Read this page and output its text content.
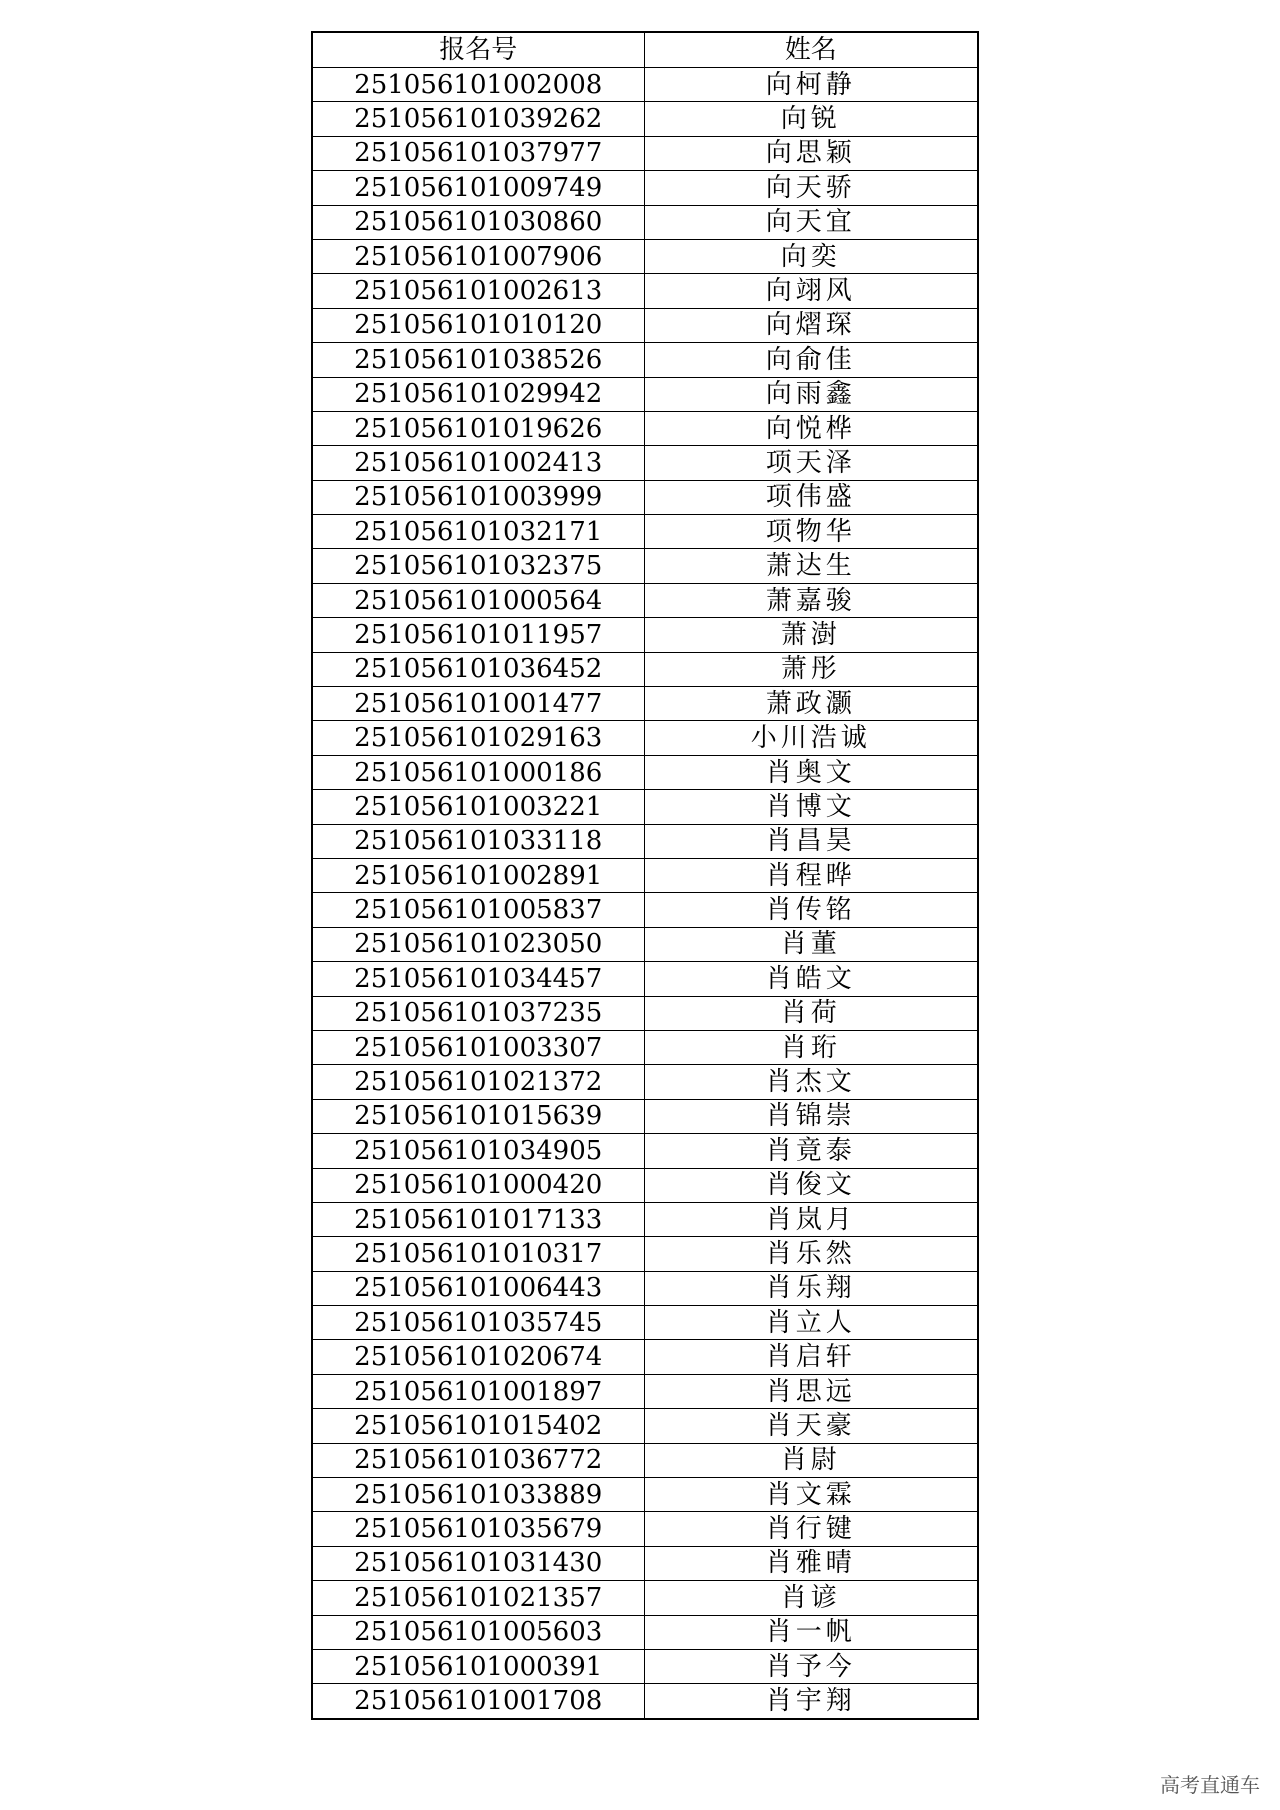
报名号	姓名
251056101002008	向柯静
251056101039262	向锐
251056101037977	向思颖
251056101009749	向天骄
251056101030860	向天宜
251056101007906	向奕
251056101002613	向翊风
251056101010120	向熠琛
251056101038526	向俞佳
251056101029942	向雨鑫
251056101019626	向悦桦
251056101002413	项天泽
251056101003999	项伟盛
251056101032171	项物华
251056101032375	萧达生
251056101000564	萧嘉骏
251056101011957	萧澍
251056101036452	萧彤
251056101001477	萧政灏
251056101029163	小川浩诚
251056101000186	肖奥文
251056101003221	肖博文
251056101033118	肖昌昊
251056101002891	肖程晔
251056101005837	肖传铭
251056101023050	肖董
251056101034457	肖皓文
251056101037235	肖荷
251056101003307	肖珩
251056101021372	肖杰文
251056101015639	肖锦崇
251056101034905	肖竟泰
251056101000420	肖俊文
251056101017133	肖岚月
251056101010317	肖乐然
251056101006443	肖乐翔
251056101035745	肖立人
251056101020674	肖启轩
251056101001897	肖思远
251056101015402	肖天豪
251056101036772	肖尉
251056101033889	肖文霖
251056101035679	肖行键
251056101031430	肖雅晴
251056101021357	肖谚
251056101005603	肖一帆
251056101000391	肖予今
251056101001708	肖宇翔
高考直通车
